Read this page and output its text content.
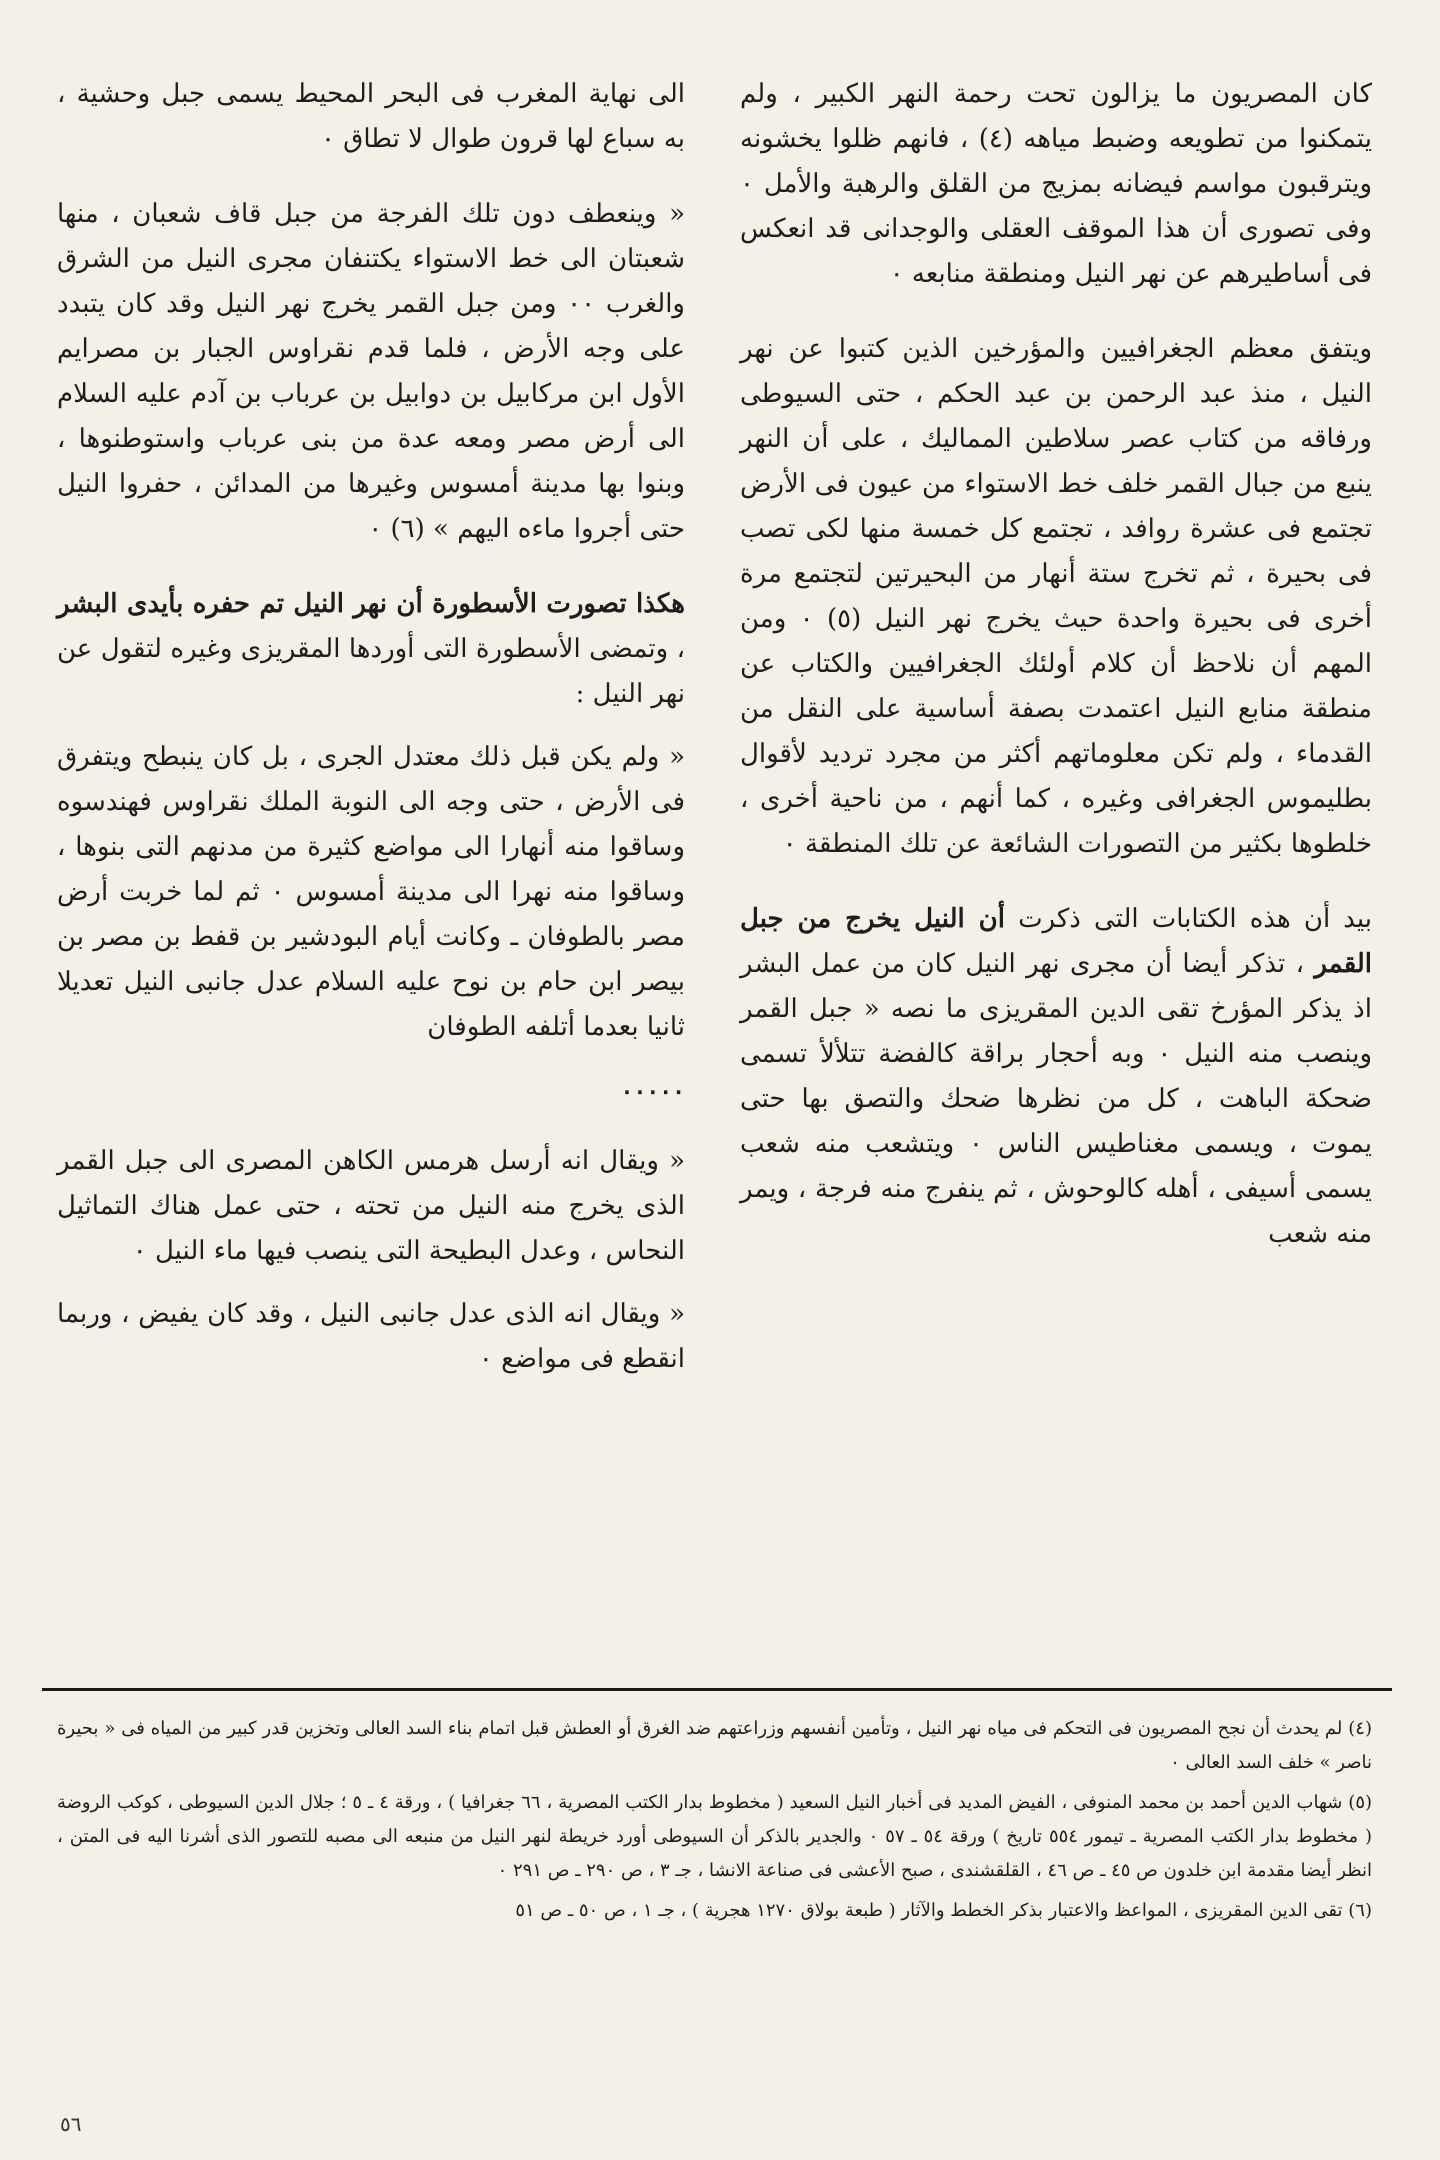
كان المصريون ما يزالون تحت رحمة النهر الكبير ، ولم يتمكنوا من تطويعه وضبط مياهه (٤) ، فانهم ظلوا يخشونه ويترقبون مواسم فيضانه بمزيج من القلق والرهبة والأمل ٠ وفى تصورى أن هذا الموقف العقلى والوجدانى قد انعكس فى أساطيرهم عن نهر النيل ومنطقة منابعه ٠

ويتفق معظم الجغرافيين والمؤرخين الذين كتبوا عن نهر النيل ، منذ عبد الرحمن بن عبد الحكم ، حتى السيوطى ورفاقه من كتاب عصر سلاطين المماليك ، على أن النهر ينبع من جبال القمر خلف خط الاستواء من عيون فى الأرض تجتمع فى عشرة روافد ، تجتمع كل خمسة منها لكى تصب فى بحيرة ، ثم تخرج ستة أنهار من البحيرتين لتجتمع مرة أخرى فى بحيرة واحدة حيث يخرج نهر النيل (٥) ٠ ومن المهم أن نلاحظ أن كلام أولئك الجغرافيين والكتاب عن منطقة منابع النيل اعتمدت بصفة أساسية على النقل من القدماء ، ولم تكن معلوماتهم أكثر من مجرد ترديد لأقوال بطليموس الجغرافى وغيره ، كما أنهم ، من ناحية أخرى ، خلطوها بكثير من التصورات الشائعة عن تلك المنطقة ٠

بيد أن هذه الكتابات التى ذكرت أن النيل يخرج من جبل القمر ، تذكر أيضا أن مجرى نهر النيل كان من عمل البشر اذ يذكر المؤرخ تقى الدين المقريزى ما نصه « جبل القمر وينصب منه النيل ٠ وبه أحجار براقة كالفضة تتلألأ تسمى ضحكة الباهت ، كل من نظرها ضحك والتصق بها حتى يموت ، ويسمى مغناطيس الناس ٠ ويتشعب منه شعب يسمى أسيفى ، أهله كالوحوش ، ثم ينفرج منه فرجة ، ويمر منه شعب

الى نهاية المغرب فى البحر المحيط يسمى جبل وحشية ، به سباع لها قرون طوال لا تطاق ٠

« وينعطف دون تلك الفرجة من جبل قاف شعبان ، منها شعبتان الى خط الاستواء يكتنفان مجرى النيل من الشرق والغرب ٠٠ ومن جبل القمر يخرج نهر النيل وقد كان يتبدد على وجه الأرض ، فلما قدم نقراوس الجبار بن مصرايم الأول ابن مركابيل بن دوابيل بن عرباب بن آدم عليه السلام الى أرض مصر ومعه عدة من بنى عرباب واستوطنوها ، وبنوا بها مدينة أمسوس وغيرها من المدائن ، حفروا النيل حتى أجروا ماءه اليهم » (٦) ٠

هكذا تصورت الأسطورة أن نهر النيل تم حفره بأيدى البشر ، وتمضى الأسطورة التى أوردها المقريزى وغيره لتقول عن نهر النيل :

« ولم يكن قبل ذلك معتدل الجرى ، بل كان ينبطح ويتفرق فى الأرض ، حتى وجه الى النوبة الملك نقراوس فهندسوه وساقوا منه أنهارا الى مواضع كثيرة من مدنهم التى بنوها ، وساقوا منه نهرا الى مدينة أمسوس ٠ ثم لما خربت أرض مصر بالطوفان ـ وكانت أيام البودشير بن قفط بن مصر بن بيصر ابن حام بن نوح عليه السلام عدل جانبى النيل تعديلا ثانيا بعدما أتلفه الطوفان

٠٠٠٠٠

« ويقال انه أرسل هرمس الكاهن المصرى الى جبل القمر الذى يخرج منه النيل من تحته ، حتى عمل هناك التماثيل النحاس ، وعدل البطيحة التى ينصب فيها ماء النيل ٠

« ويقال انه الذى عدل جانبى النيل ، وقد كان يفيض ، وربما انقطع فى مواضع ٠

(٤) لم يحدث أن نجح المصريون فى التحكم فى مياه نهر النيل ، وتأمين أنفسهم وزراعتهم ضد الغرق أو العطش قبل اتمام بناء السد العالى وتخزين قدر كبير من المياه فى « بحيرة ناصر » خلف السد العالى ٠

(٥) شهاب الدين أحمد بن محمد المنوفى ، الفيض المديد فى أخبار النيل السعيد ( مخطوط بدار الكتب المصرية ، ٦٦ جغرافيا ) ، ورقة ٤ ـ ٥ ؛ جلال الدين السيوطى ، كوكب الروضة ( مخطوط بدار الكتب المصرية ـ تيمور ٥٥٤ تاريخ ) ورقة ٥٤ ـ ٥٧ ٠ والجدير بالذكر أن السيوطى أورد خريطة لنهر النيل من منبعه الى مصبه للتصور الذى أشرنا اليه فى المتن ، انظر أيضا مقدمة ابن خلدون ص ٤٥ ـ ص ٤٦ ، القلقشندى ، صبح الأعشى فى صناعة الانشا ، جـ ٣ ، ص ٢٩٠ ـ ص ٢٩١ ٠

(٦) تقى الدين المقريزى ، المواعظ والاعتبار بذكر الخطط والآثار ( طبعة بولاق ١٢٧٠ هجرية ) ، جـ ١ ، ص ٥٠ ـ ص ٥١

٥٦
